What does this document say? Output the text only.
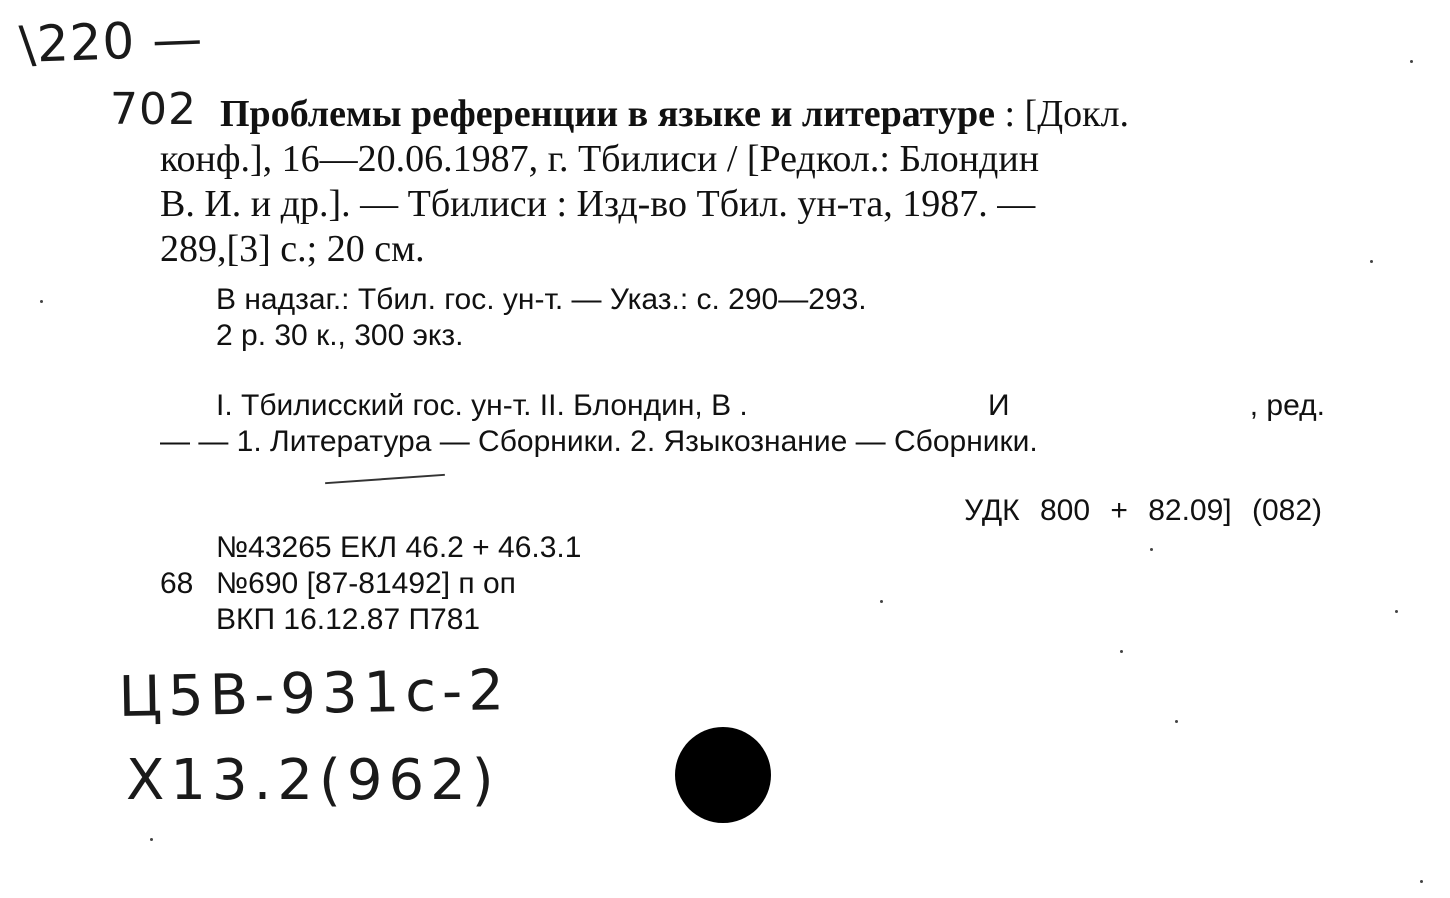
\220 —
702 Проблемы референции в языке и литературе : [Докл.
конф.], 16—20.06.1987, г. Тбилиси / [Редкол.: Блондин
В. И. и др.]. — Тбилиси : Изд-во Тбил. ун-та, 1987. —
289,[3] с.; 20 см.
В надзаг.: Тбил. гос. ун-т. — Указ.: с. 290—293.
2 р. 30 к., 300 экз.
I. Тбилисский гос. ун-т. II. Блондин, В .	И	, ред.
— — 1. Литература — Сборники. 2. Языкознание — Сборники.
УДК 800 + 82.09] (082)
№43265 ЕКЛ 46.2 + 46.3.1
68 №690 [87-81492] п оп
ВКП 16.12.87 П781
Ц5В-931с-2
Х13.2(962)
